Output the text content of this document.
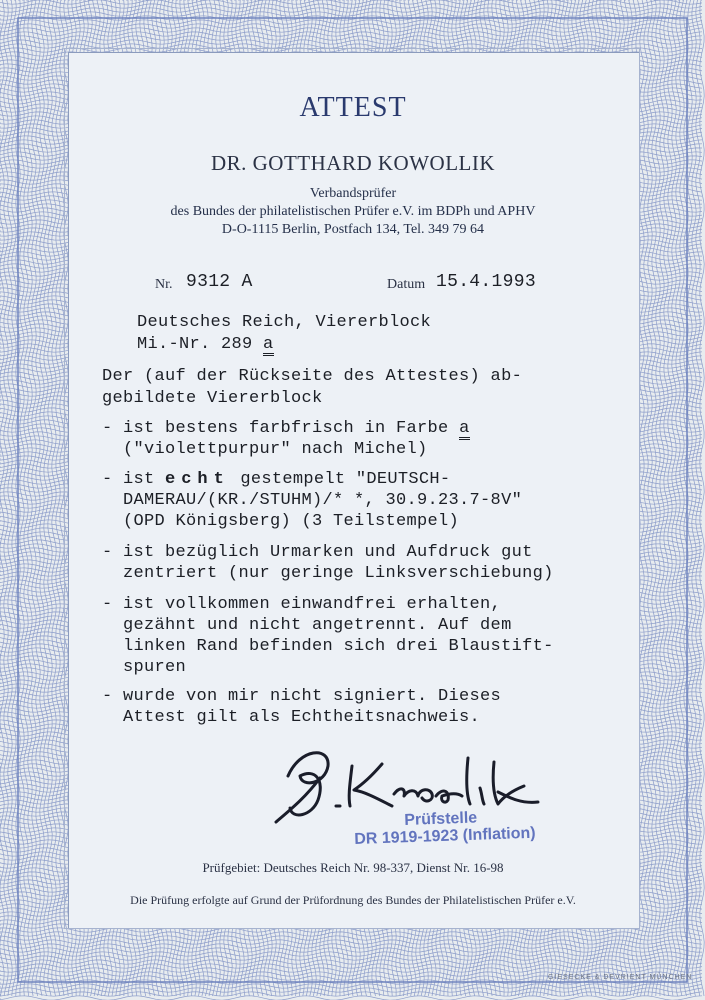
ATTEST
DR. GOTTHARD KOWOLLIK
Verbandsprüfer
des Bundes der philatelistischen Prüfer e.V. im BDPh und APHV
D-O-1115 Berlin, Postfach 134, Tel. 349 79 64
Nr. 9312 A	Datum 15.4.1993
Deutsches Reich, Viererblock
Mi.-Nr. 289 a
Der (auf der Rückseite des Attestes) ab-
gebildete Viererblock
- ist bestens farbfrisch in Farbe a
("violettpurpur" nach Michel)
- ist echt gestempelt "DEUTSCH-
DAMERAU/(KR./STUHM)/* *, 30.9.23.7-8V"
(OPD Königsberg) (3 Teilstempel)
- ist bezüglich Urmarken und Aufdruck gut
zentriert (nur geringe Linksverschiebung)
- ist vollkommen einwandfrei erhalten,
gezähnt und nicht angetrennt. Auf dem
linken Rand befinden sich drei Blaustift-
spuren
- wurde von mir nicht signiert. Dieses
Attest gilt als Echtheitsnachweis.
Prüfstelle
DR 1919-1923 (Inflation)
Prüfgebiet: Deutsches Reich Nr. 98-337, Dienst Nr. 16-98
Die Prüfung erfolgte auf Grund der Prüfordnung des Bundes der Philatelistischen Prüfer e.V.
GIESECKE & DEVRIENT MÜNCHEN
